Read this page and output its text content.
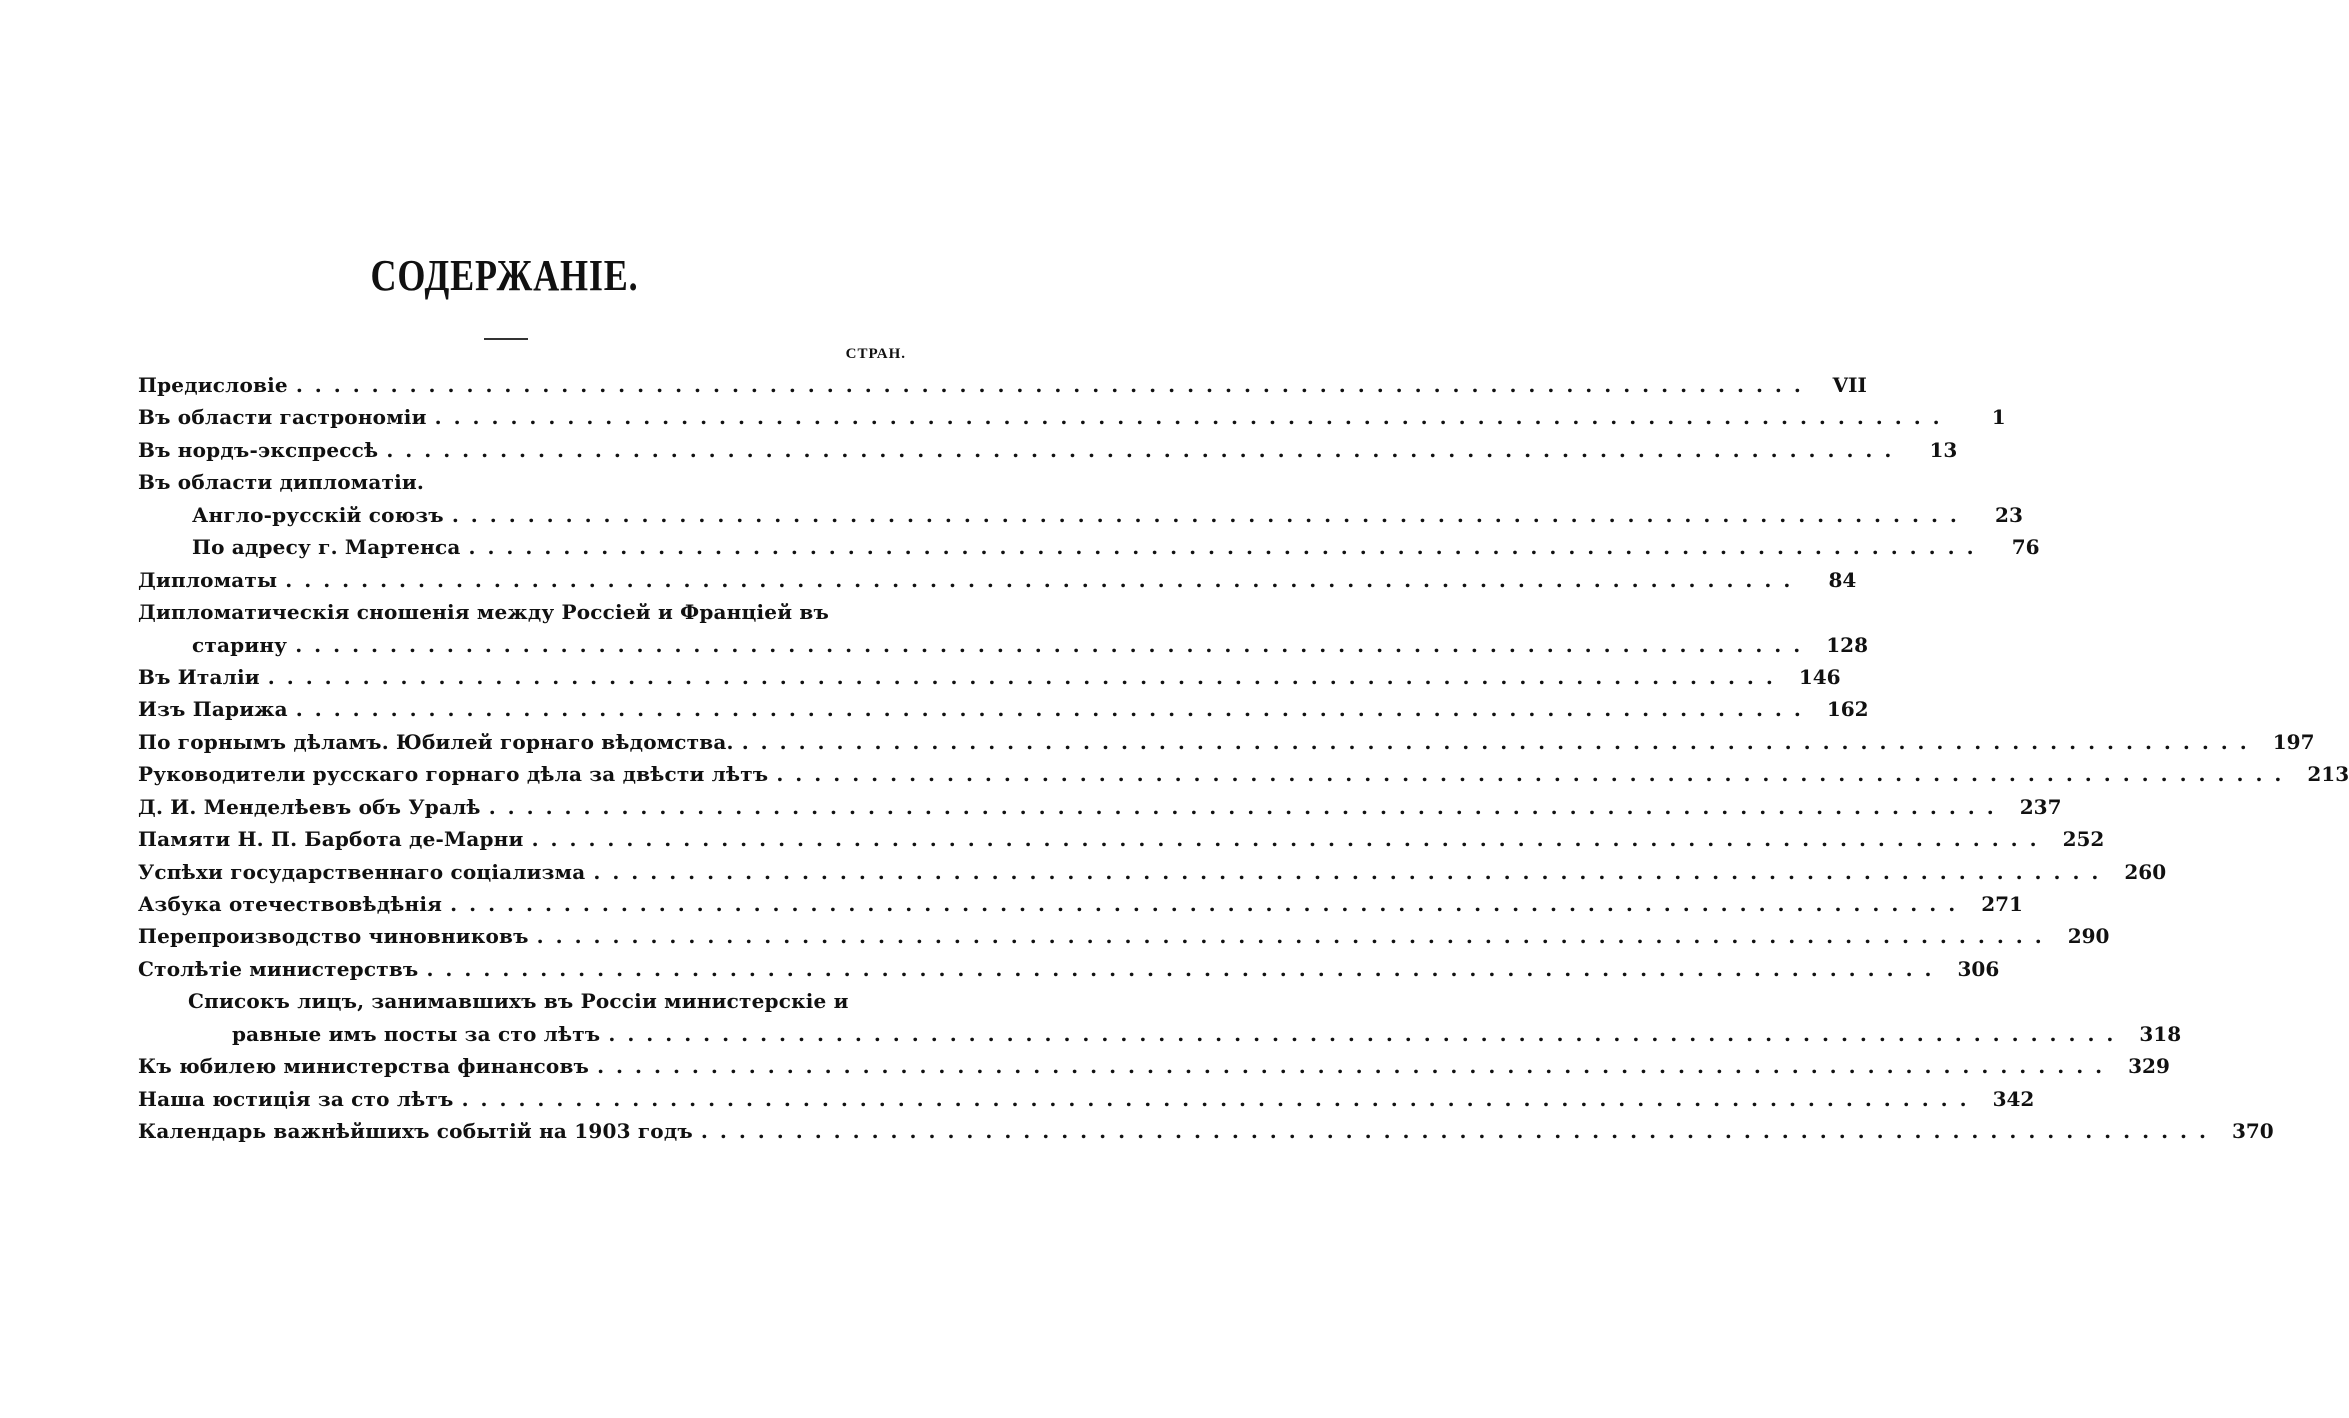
СОДЕРЖАНІЕ.
СТРАН.
Предисловіе ................................................................................ VII
Въ области гастрономіи ................................................................................	1
Въ нордъ-экспрессѣ ................................................................................	13
Въ области дипломатіи.
Англо-русскій союзъ ................................................................................	23
По адресу г. Мартенса ................................................................................	76
Дипломаты ................................................................................	84
Дипломатическія сношенія между Россіей и Франціей въ
старину ................................................................................ 128
Въ Италіи ................................................................................ 146
Изъ Парижа ................................................................................ 162
По горнымъ дѣламъ. Юбилей горнаго вѣдомства. ................................................................................ 197
Руководители русскаго горнаго дѣла за двѣсти лѣтъ ................................................................................ 213
Д. И. Менделѣевъ объ Уралѣ ................................................................................ 237
Памяти Н. П. Барбота де-Марни ................................................................................ 252
Успѣхи государственнаго соціализма ................................................................................ 260
Азбука отечествовѣдѣнія ................................................................................ 271
Перепроизводство чиновниковъ ................................................................................ 290
Столѣтіе министерствъ ................................................................................ 306
Списокъ лицъ, занимавшихъ въ Россіи министерскіе и
равные имъ посты за сто лѣтъ ................................................................................ 318
Къ юбилею министерства финансовъ ................................................................................ 329
Наша юстиція за сто лѣтъ ................................................................................ 342
Календарь важнѣйшихъ событій на 1903 годъ ................................................................................ 370
